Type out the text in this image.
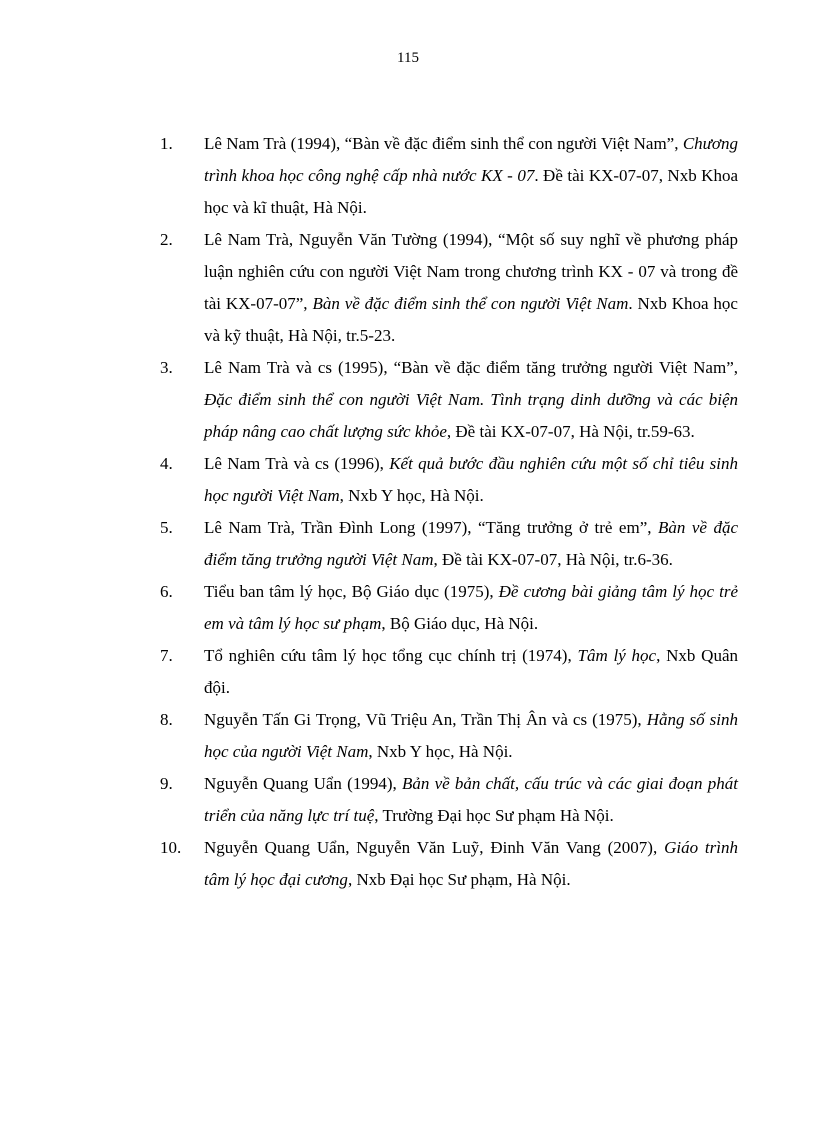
115
1. Lê Nam Trà (1994), “Bàn về đặc điểm sinh thể con người Việt Nam”, Chương trình khoa học công nghệ cấp nhà nước KX - 07. Đề tài KX-07-07, Nxb Khoa học và kĩ thuật, Hà Nội.
2. Lê Nam Trà, Nguyễn Văn Tường (1994), “Một số suy nghĩ về phương pháp luận nghiên cứu con người Việt Nam trong chương trình KX - 07 và trong đề tài KX-07-07”, Bàn về đặc điểm sinh thể con người Việt Nam. Nxb Khoa học và kỹ thuật, Hà Nội, tr.5-23.
3. Lê Nam Trà và cs (1995), “Bàn về đặc điểm tăng trưởng người Việt Nam”, Đặc điểm sinh thể con người Việt Nam. Tình trạng dinh dưỡng và các biện pháp nâng cao chất lượng sức khỏe, Đề tài KX-07-07, Hà Nội, tr.59-63.
4. Lê Nam Trà và cs (1996), Kết quả bước đầu nghiên cứu một số chỉ tiêu sinh học người Việt Nam, Nxb Y học, Hà Nội.
5. Lê Nam Trà, Trần Đình Long (1997), “Tăng trưởng ở trẻ em”, Bàn về đặc điểm tăng trưởng người Việt Nam, Đề tài KX-07-07, Hà Nội, tr.6-36.
6. Tiểu ban tâm lý học, Bộ Giáo dục (1975), Đề cương bài giảng tâm lý học trẻ em và tâm lý học sư phạm, Bộ Giáo dục, Hà Nội.
7. Tổ nghiên cứu tâm lý học tổng cục chính trị (1974), Tâm lý học, Nxb Quân đội.
8. Nguyễn Tấn Gi Trọng, Vũ Triệu An, Trần Thị Ân và cs (1975), Hằng số sinh học của người Việt Nam, Nxb Y học, Hà Nội.
9. Nguyễn Quang Uẩn (1994), Bản về bản chất, cấu trúc và các giai đoạn phát triển của năng lực trí tuệ, Trường Đại học Sư phạm Hà Nội.
10. Nguyễn Quang Uẩn, Nguyễn Văn Luỹ, Đinh Văn Vang (2007), Giáo trình tâm lý học đại cương, Nxb Đại học Sư phạm, Hà Nội.
